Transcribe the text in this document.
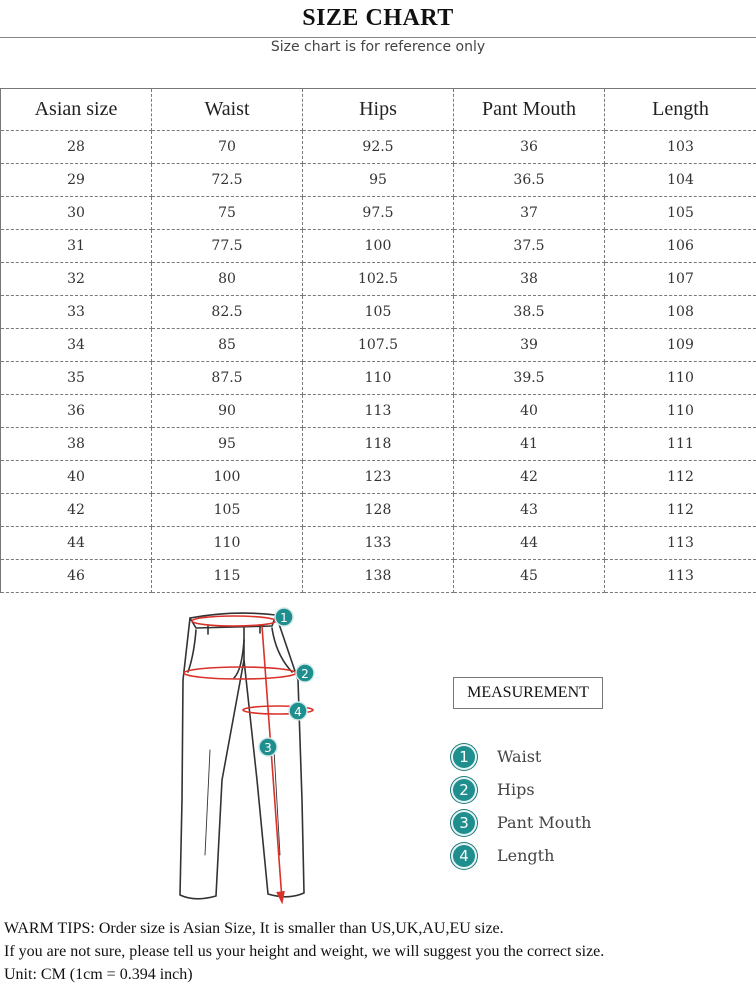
SIZE CHART
Size chart is for reference only
Asian size	Waist	Hips	Pant Mouth	Length
28	70	92.5	36	103
29	72.5	95	36.5	104
30	75	97.5	37	105
31	77.5	100	37.5	106
32	80	102.5	38	107
33	82.5	105	38.5	108
34	85	107.5	39	109
35	87.5	110	39.5	110
36	90	113	40	110
38	95	118	41	111
40	100	123	42	112
42	105	128	43	112
44	110	133	44	113
46	115	138	45	113
1
2
3
4
MEASUREMENT
1	Waist
2	Hips
3	Pant Mouth
4	Length
WARM TIPS: Order size is Asian Size, It is smaller than US,UK,AU,EU size.
If you are not sure, please tell us your height and weight, we will suggest you the correct size.
Unit: CM (1cm = 0.394 inch)
